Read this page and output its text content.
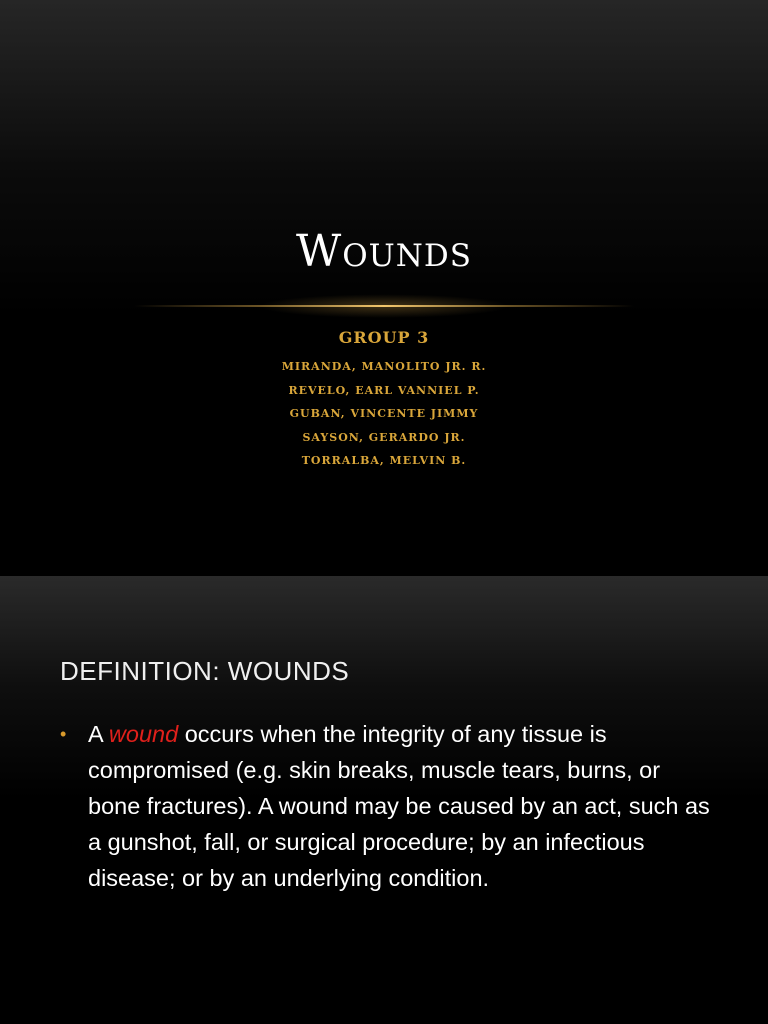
Wounds
GROUP 3
MIRANDA, MANOLITO JR. R.
REVELO, EARL VANNIEL P.
GUBAN, VINCENTE JIMMY
SAYSON, GERARDO JR.
TORRALBA, MELVIN B.
DEFINITION: WOUNDS
• A wound occurs when the integrity of any tissue is compromised (e.g. skin breaks, muscle tears, burns, or bone fractures). A wound may be caused by an act, such as a gunshot, fall, or surgical procedure; by an infectious disease; or by an underlying condition.
